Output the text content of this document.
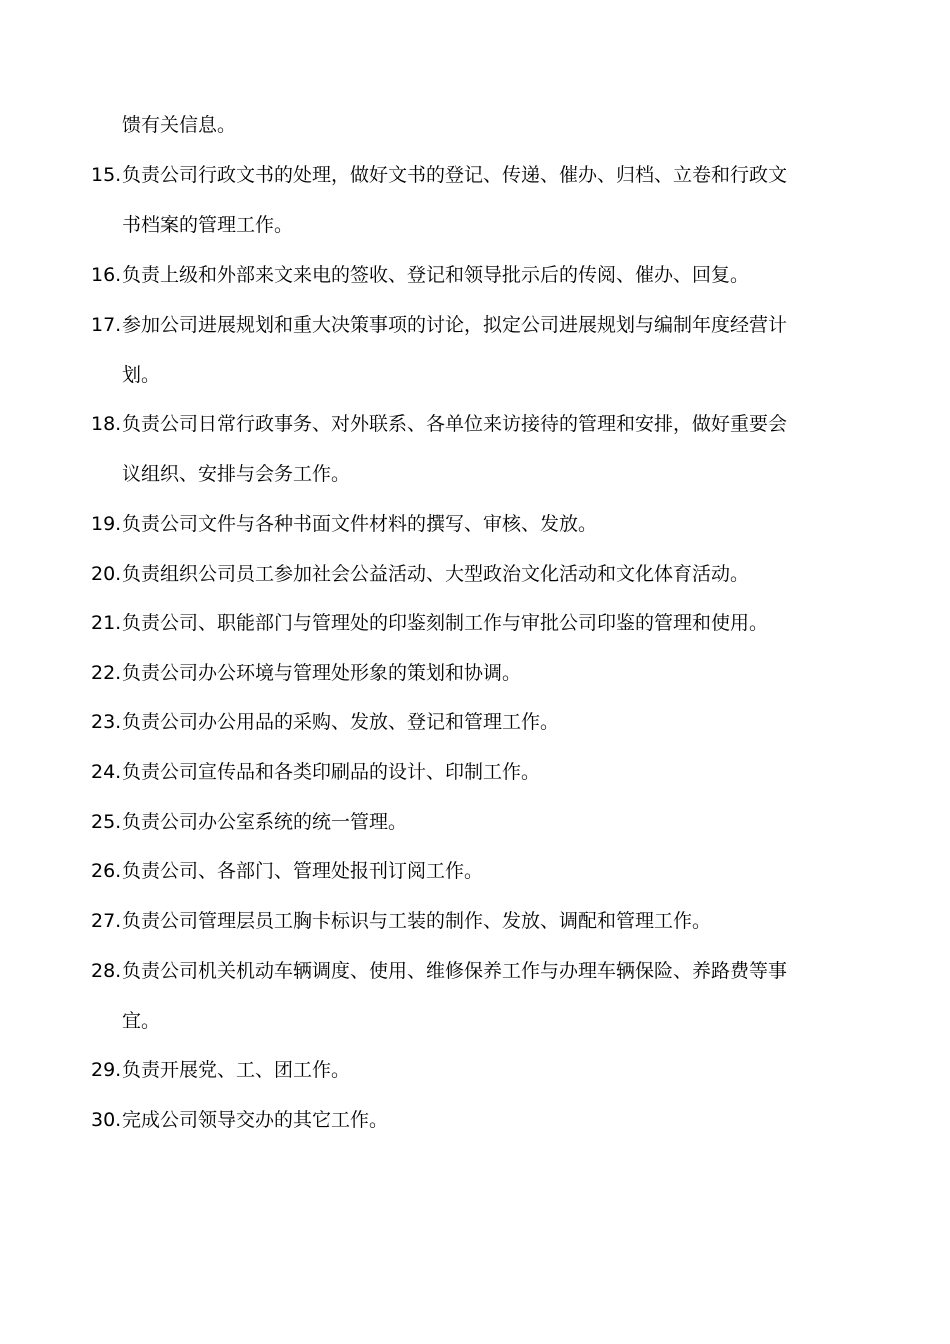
馈有关信息。
15. 负责公司行政文书的处理，做好文书的登记、传递、催办、归档、立卷和行政文
书档案的管理工作。
16. 负责上级和外部来文来电的签收、登记和领导批示后的传阅、催办、回复。
17. 参加公司进展规划和重大决策事项的讨论，拟定公司进展规划与编制年度经营计
划。
18. 负责公司日常行政事务、对外联系、各单位来访接待的管理和安排，做好重要会
议组织、安排与会务工作。
19. 负责公司文件与各种书面文件材料的撰写、审核、发放。
20. 负责组织公司员工参加社会公益活动、大型政治文化活动和文化体育活动。
21. 负责公司、职能部门与管理处的印鉴刻制工作与审批公司印鉴的管理和使用。
22. 负责公司办公环境与管理处形象的策划和协调。
23. 负责公司办公用品的采购、发放、登记和管理工作。
24. 负责公司宣传品和各类印刷品的设计、印制工作。
25. 负责公司办公室系统的统一管理。
26. 负责公司、各部门、管理处报刊订阅工作。
27. 负责公司管理层员工胸卡标识与工装的制作、发放、调配和管理工作。
28. 负责公司机关机动车辆调度、使用、维修保养工作与办理车辆保险、养路费等事
宜。
29. 负责开展党、工、团工作。
30. 完成公司领导交办的其它工作。
